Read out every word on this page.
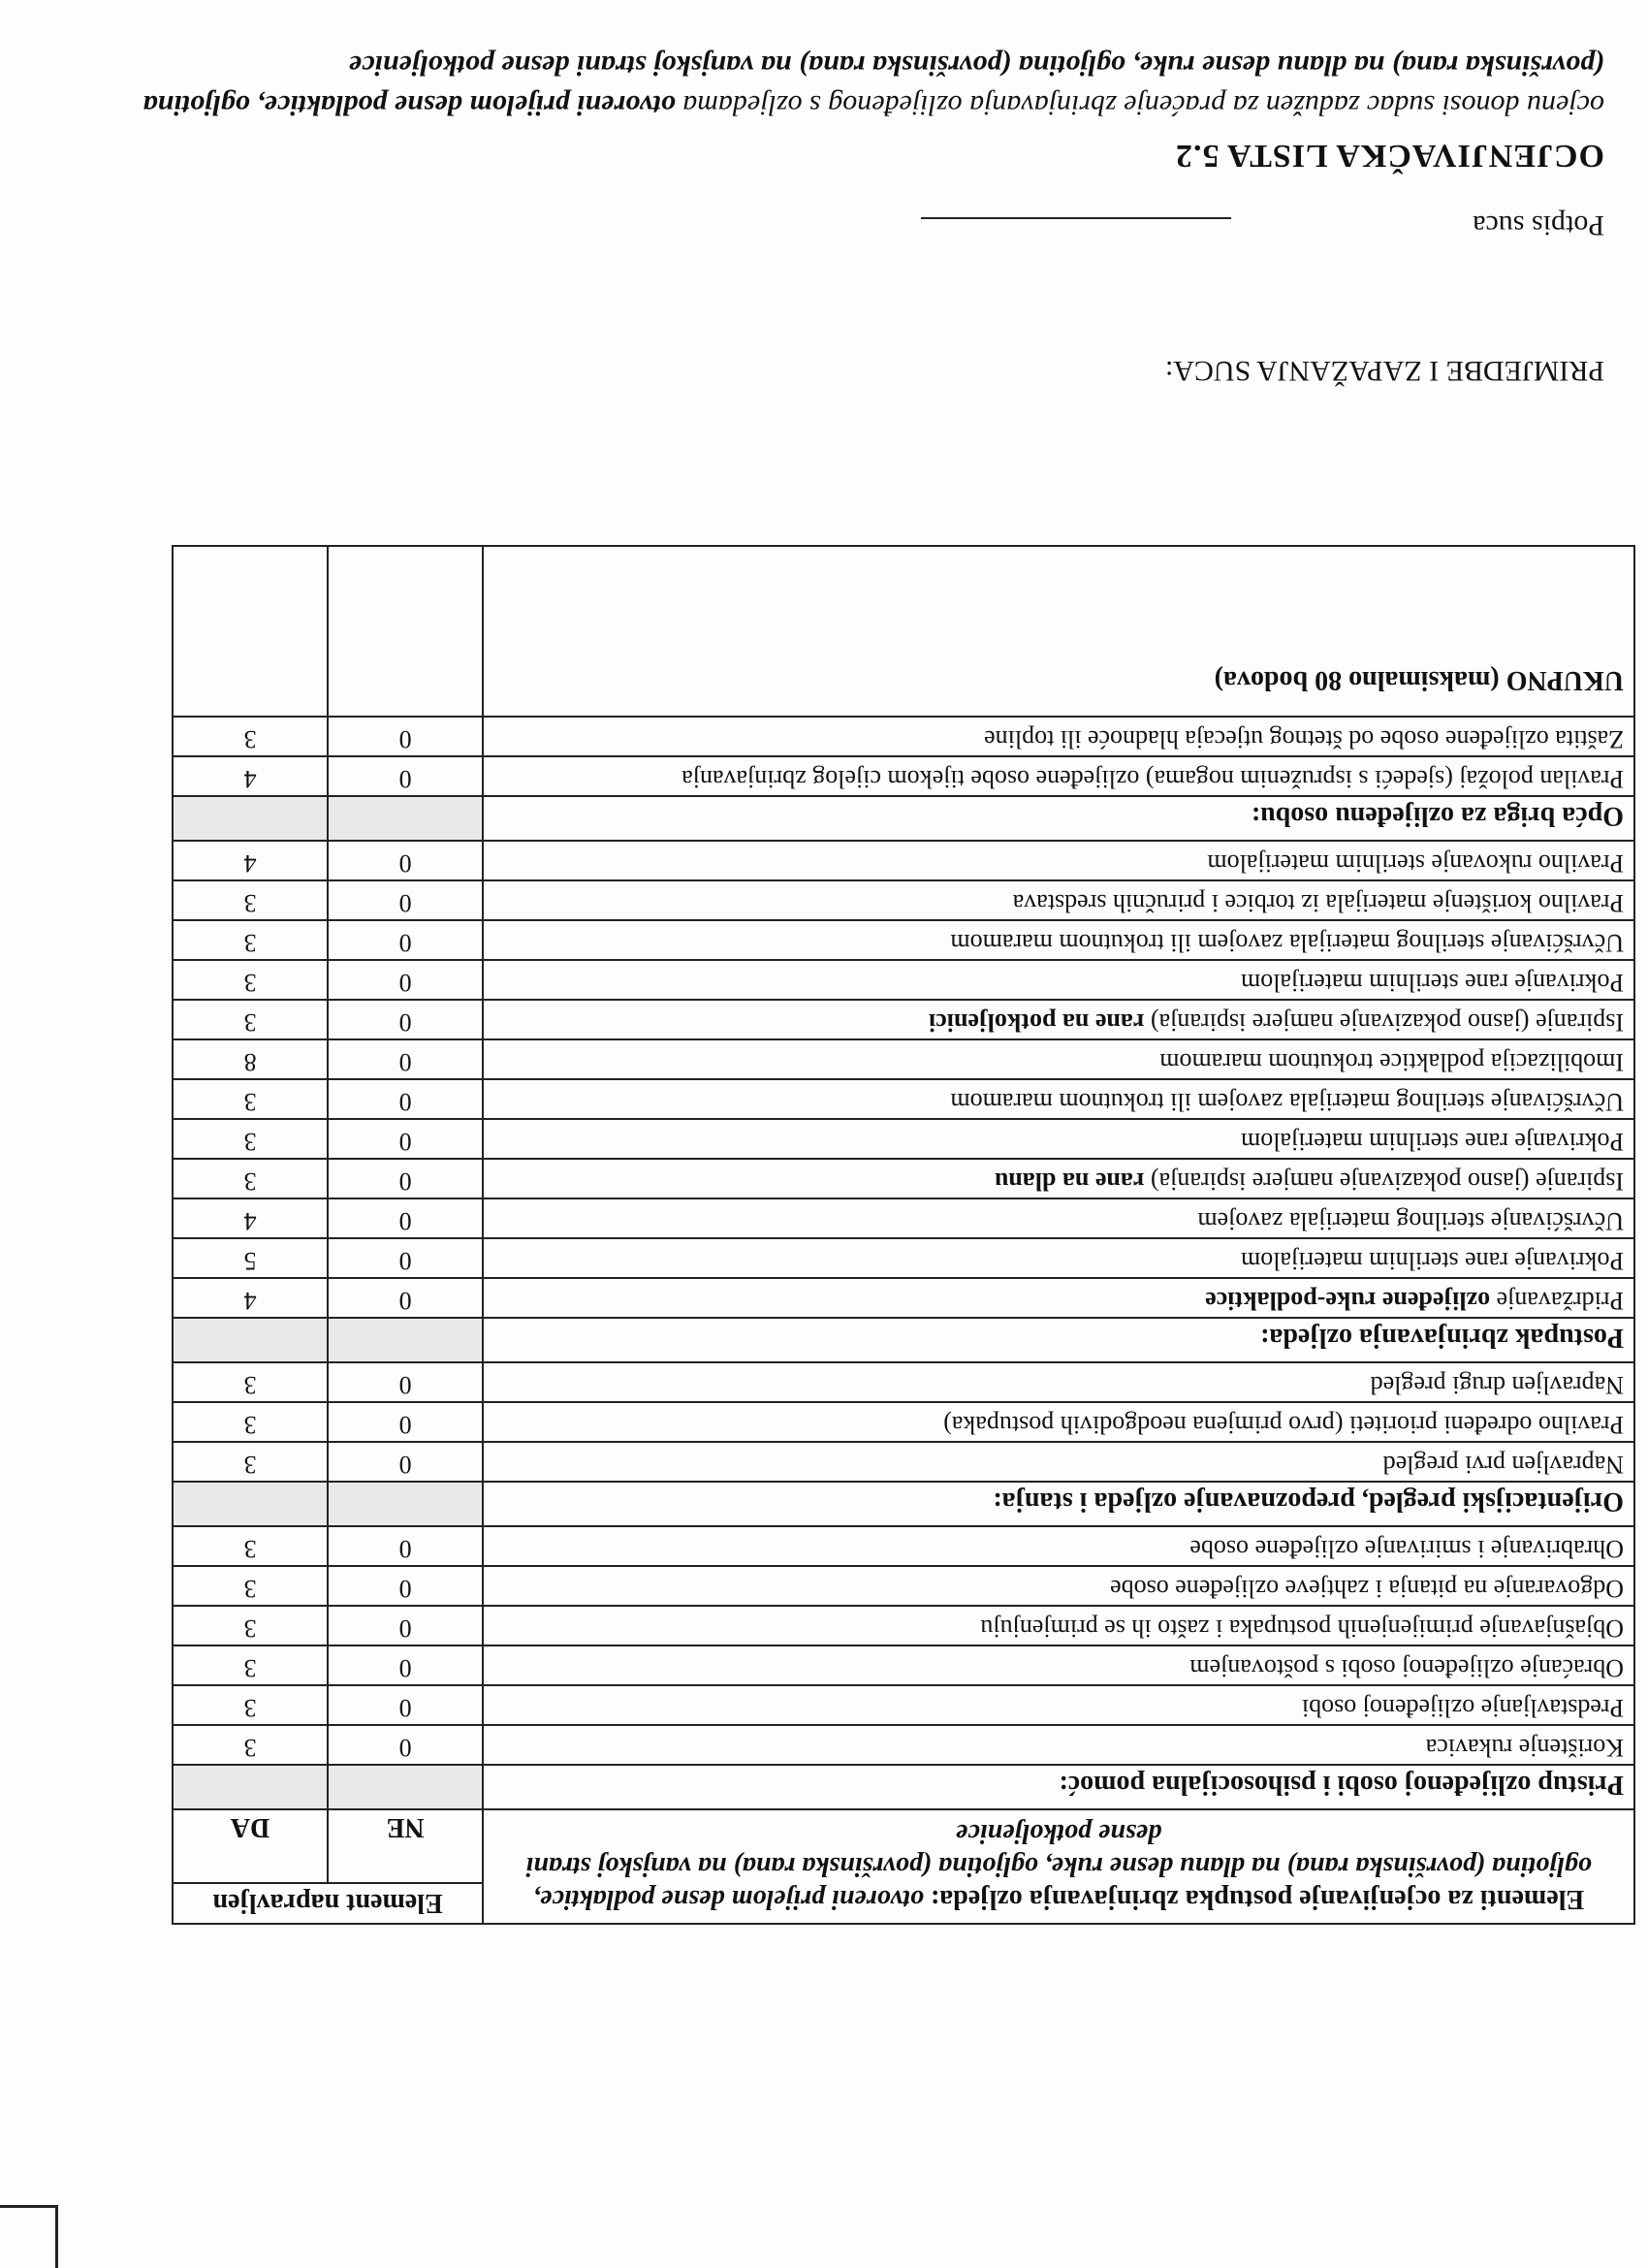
OCJENJIVAČKA LISTA 5.2

ocjenu donosi sudac zadužen za praćenje zbrinjavanja ozlijeđenog s ozljedama otvoreni prijelom desne podlaktice, ogljotina (površinska rana) na dlanu desne ruke, ogljotina (površinska rana) na vanjskoj strani desne potkoljenice

Elementi za ocjenjivanje postupka zbrinjavanja ozljeda: otvoreni prijelom desne podlaktice, ogljotina (površinska rana) na dlanu desne ruke, ogljotina (površinska rana) na vanjskoj strani desne potkoljenice	Element napravljen	
	NE	DA
Pristup ozlijeđenoj osobi i psihosocijalna pomoć:		
Korištenje rukavica	0	3
Predstavljanje ozlijeđenoj osobi	0	3
Obraćanje ozlijeđenoj osobi s poštovanjem	0	3
Objašnjavanje primijenjenih postupaka i zašto ih se primjenjuju	0	3
Odgovaranje na pitanja i zahtjeve ozlijeđene osobe	0	3
Ohrabrivanje i smirivanje ozlijeđene osobe	0	3
Orijentacijski pregled, prepoznavanje ozljeda i stanja:		
Napravljen prvi pregled	0	3
Pravilno određeni prioriteti (prvo primjena neodgodivih postupaka)	0	3
Napravljen drugi pregled	0	3
Postupak zbrinjavanja ozljeda:		
Pridržavanje ozlijeđene ruke-podlaktice	0	4
Pokrivanje rane sterilnim materijalom	0	5
Učvršćivanje sterilnog materijala zavojem	0	4
Ispiranje (jasno pokazivanje namjere ispiranja) rane na dlanu	0	3
Pokrivanje rane sterilnim materijalom	0	3
Učvršćivanje sterilnog materijala zavojem ili trokutnom maramom	0	3
Imobilizacija podlaktice trokutnom maramom	0	8
Ispiranje (jasno pokazivanje namjere ispiranja) rane na potkoljenici	0	3
Pokrivanje rane sterilnim materijalom	0	3
Učvršćivanje sterilnog materijala zavojem ili trokutnom maramom	0	3
Pravilno korištenje materijala iz torbice i priručnih sredstava	0	3
Pravilno rukovanje sterilnim materijalom	0	4
Opća briga za ozlijeđenu osobu:		
Pravilan položaj (sjedeći s ispruženim nogama) ozlijeđene osobe tijekom cijelog zbrinjavanja	0	4
Zaštita ozlijeđene osobe od štetnog utjecaja hladnoće ili topline	0	3
UKUPNO (maksimalno 80 bodova)		

PRIMJEDBE I ZAPAŽANJA SUCA:

Potpis suca
